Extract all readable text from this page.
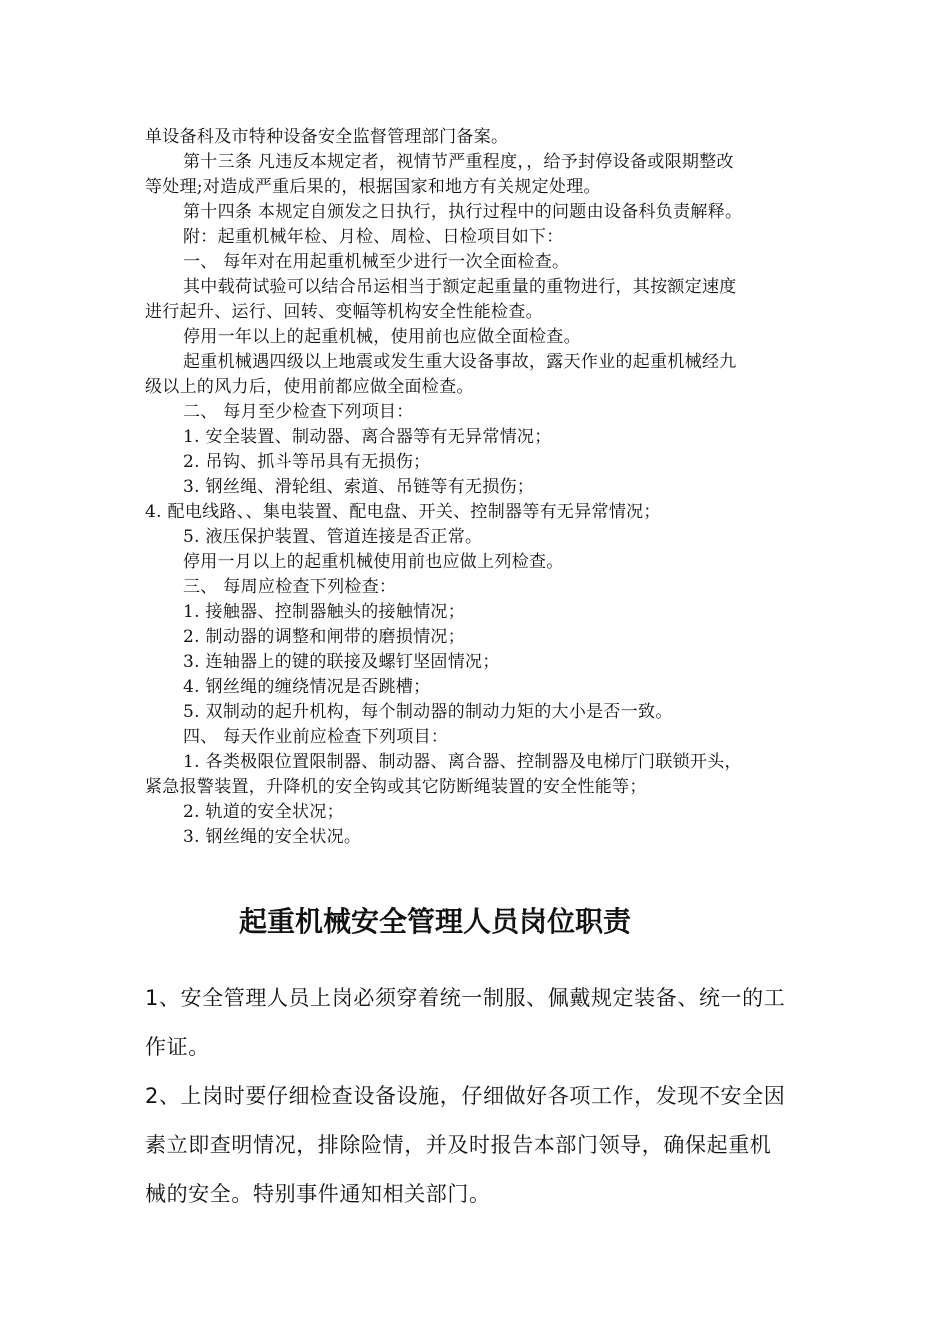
单设备科及市特种设备安全监督管理部门备案。
第十三条 凡违反本规定者，视情节严重程度，，给予封停设备或限期整改
等处理;对造成严重后果的，根据国家和地方有关规定处理。
第十四条 本规定自颁发之日执行，执行过程中的问题由设备科负责解释。
附：起重机械年检、月检、周检、日检项目如下：
一、 每年对在用起重机械至少进行一次全面检查。
其中载荷试验可以结合吊运相当于额定起重量的重物进行，其按额定速度
进行起升、运行、回转、变幅等机构安全性能检查。
停用一年以上的起重机械，使用前也应做全面检查。
起重机械遇四级以上地震或发生重大设备事故，露天作业的起重机械经九
级以上的风力后，使用前都应做全面检查。
二、 每月至少检查下列项目：
1. 安全装置、制动器、离合器等有无异常情况；
2. 吊钩、抓斗等吊具有无损伤；
3. 钢丝绳、滑轮组、索道、吊链等有无损伤；
4. 配电线路、、集电装置、配电盘、开关、控制器等有无异常情况；
5. 液压保护装置、管道连接是否正常。
停用一月以上的起重机械使用前也应做上列检查。
三、 每周应检查下列检查：
1. 接触器、控制器触头的接触情况；
2. 制动器的调整和闸带的磨损情况；
3. 连轴器上的键的联接及螺钉坚固情况；
4. 钢丝绳的缠绕情况是否跳槽；
5. 双制动的起升机构，每个制动器的制动力矩的大小是否一致。
四、 每天作业前应检查下列项目：
1. 各类极限位置限制器、制动器、离合器、控制器及电梯厅门联锁开头，
紧急报警装置，升降机的安全钩或其它防断绳装置的安全性能等；
2. 轨道的安全状况；
3. 钢丝绳的安全状况。
起重机械安全管理人员岗位职责
1、安全管理人员上岗必须穿着统一制服、佩戴规定装备、统一的工
作证。
2、上岗时要仔细检查设备设施，仔细做好各项工作，发现不安全因
素立即查明情况，排除险情，并及时报告本部门领导，确保起重机
械的安全。特别事件通知相关部门。
